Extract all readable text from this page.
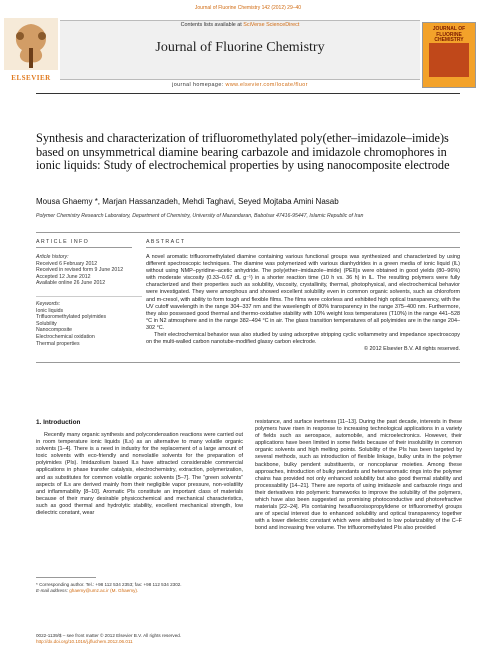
Journal of Fluorine Chemistry 142 (2012) 29–40
Contents lists available at SciVerse ScienceDirect
Journal of Fluorine Chemistry
journal homepage: www.elsevier.com/locate/fluor
ELSEVIER
JOURNAL OF FLUORINE CHEMISTRY
Synthesis and characterization of trifluoromethylated poly(ether–imidazole–imide)s based on unsymmetrical diamine bearing carbazole and imidazole chromophores in ionic liquids: Study of electrochemical properties by using nanocomposite electrode
Mousa Ghaemy *, Marjan Hassanzadeh, Mehdi Taghavi, Seyed Mojtaba Amini Nasab
Polymer Chemistry Research Laboratory, Department of Chemistry, University of Mazandaran, Babolsar 47416-95447, Islamic Republic of Iran
ARTICLE INFO	ABSTRACT
Article history:
Received 6 February 2012
Received in revised form 9 June 2012
Accepted 12 June 2012
Available online 26 June 2012
Keywords:
Ionic liquids
Trifluoromethylated polyimides
Solubility
Nanocomposite
Electrochemical oxidation
Thermal properties

A novel aromatic trifluoromethylated diamine containing various functional groups was synthesized and characterized by using different spectroscopic techniques. The diamine was polymerized with various dianhydrides in a green media of ionic liquid (IL) without using NMP–pyridine–acetic anhydride. The poly(ether–imidazole–imide) (PEII)s were obtained in good yields (80–96%) with moderate viscosity (0.33–0.67 dL g⁻¹) in a shorter reaction time (10 h vs. 36 h) in IL. The resulting polymers were fully characterized and their properties such as solubility, viscosity, crystallinity, thermal, photophysical, and electrochemical behavior were investigated. They were amorphous and showed excellent solubility even in common organic solvents, such as chloroform and m-cresol, with ability to form tough and flexible films. The films were colorless and exhibited high optical transparency, with the UV cutoff wavelength in the range 304–337 nm and the wavelength of 80% transparency in the range 375–400 nm. Furthermore, they also possessed good thermal and thermo-oxidative stability with 10% weight loss temperatures (T10%) in the range 441–528 °C in N2 atmosphere and in the range 382–494 °C in air. The glass transition temperatures of all polyimides are in the range 204–302 °C.

Their electrochemical behavior was also studied by using adsorptive stripping cyclic voltammetry and impedance spectroscopy on the multi-walled carbon nanotube-modified glassy carbon electrode.

© 2012 Elsevier B.V. All rights reserved.
1. Introduction

Recently many organic synthesis and polycondensation reactions were carried out in room temperature ionic liquids (ILs) as an alternative to many volatile organic solvents [1–4]. There is a need in industry for the replacement of a large amount of toxic solvents with eco-friendly and nonvolatile solvents for the preparation of polyimides (PIs). Imidazolium based ILs have attracted considerable commercial applications in phase transfer catalysis, electrochemistry, extraction, polymerization, and as substitutes for common volatile organic solvents [5–7]. The “green solvents” aspects of ILs are derived mainly from their negligible vapor pressure, non-volatility and inflammability [8–10]. Aromatic PIs constitute an important class of materials because of their many desirable physicochemical and mechanical characteristics, such as good thermal and hydrolytic stability, excellent mechanical strength, low dielectric constant, wear

resistance, and surface inertness [11–13]. During the past decade, interests in these polymers have risen in response to increasing technological applications in a variety of fields such as aerospace, automobile, and microelectronics. However, their applications have been limited in some fields because of their insolubility in common organic solvents and high melting points. Solubility of the PIs has been targeted by several methods, such as introduction of flexible linkage, bulky units in the polymer backbone, bulky pendent substituents, or noncoplanar moieties. Among these approaches, introduction of bulky pendants and heteroaromatic rings into the polymer chains has provided not only enhanced solubility but also good thermal stability and processability [14–21]. There are reports of using imidazole and carbazole rings and their derivatives into polymeric frameworks to improve the solubility of the polymers, which have also been suggested as promising photoconductive and photorefractive materials [22–24]. PIs containing hexafluoroisopropylidene or trifluoromethyl groups are of special interest due to enhanced solubility and optical transparency together with a lower dielectric constant which were attributed to low polarizability of the C–F bond and increasing free volume. The trifluoromethylated PIs also provided

* Corresponding author. Tel.: +98 112 534 2353; fax: +98 112 534 2302.
E-mail address: ghaemy@umz.ac.ir (M. Ghaemy).
0022-1139/$ – see front matter © 2012 Elsevier B.V. All rights reserved.
http://dx.doi.org/10.1016/j.jfluchem.2012.06.011
